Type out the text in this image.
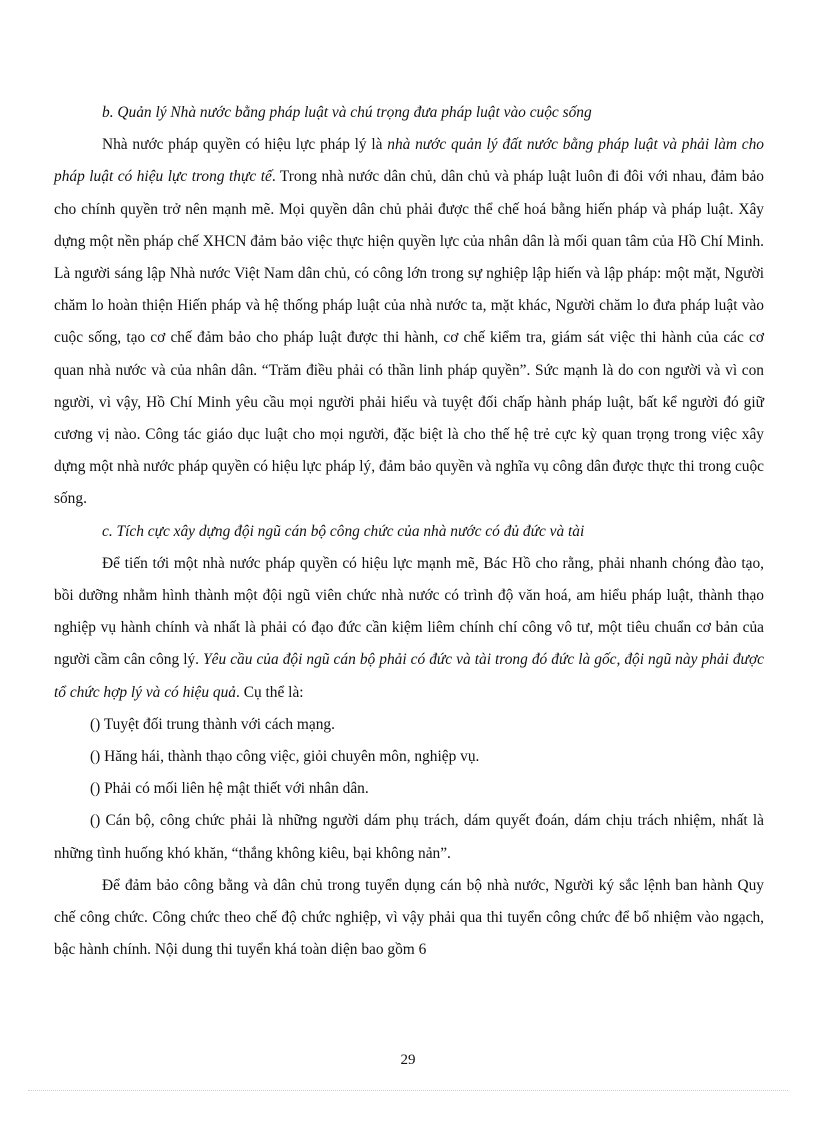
b. Quản lý Nhà nước bằng pháp luật và chú trọng đưa pháp luật vào cuộc sống

Nhà nước pháp quyền có hiệu lực pháp lý là nhà nước quản lý đất nước bằng pháp luật và phải làm cho pháp luật có hiệu lực trong thực tế. Trong nhà nước dân chủ, dân chủ và pháp luật luôn đi đôi với nhau, đảm bảo cho chính quyền trở nên mạnh mẽ. Mọi quyền dân chủ phải được thể chế hoá bằng hiến pháp và pháp luật. Xây dựng một nền pháp chế XHCN đảm bảo việc thực hiện quyền lực của nhân dân là mối quan tâm của Hồ Chí Minh. Là người sáng lập Nhà nước Việt Nam dân chủ, có công lớn trong sự nghiệp lập hiến và lập pháp: một mặt, Người chăm lo hoàn thiện Hiến pháp và hệ thống pháp luật của nhà nước ta, mặt khác, Người chăm lo đưa pháp luật vào cuộc sống, tạo cơ chế đảm bảo cho pháp luật được thi hành, cơ chế kiểm tra, giám sát việc thi hành của các cơ quan nhà nước và của nhân dân. “Trăm điều phải có thần linh pháp quyền”. Sức mạnh là do con người và vì con người, vì vậy, Hồ Chí Minh yêu cầu mọi người phải hiểu và tuyệt đối chấp hành pháp luật, bất kể người đó giữ cương vị nào. Công tác giáo dục luật cho mọi người, đặc biệt là cho thế hệ trẻ cực kỳ quan trọng trong việc xây dựng một nhà nước pháp quyền có hiệu lực pháp lý, đảm bảo quyền và nghĩa vụ công dân được thực thi trong cuộc sống.

c. Tích cực xây dựng đội ngũ cán bộ công chức của nhà nước có đủ đức và tài

Để tiến tới một nhà nước pháp quyền có hiệu lực mạnh mẽ, Bác Hồ cho rằng, phải nhanh chóng đào tạo, bồi dưỡng nhằm hình thành một đội ngũ viên chức nhà nước có trình độ văn hoá, am hiểu pháp luật, thành thạo nghiệp vụ hành chính và nhất là phải có đạo đức cần kiệm liêm chính chí công vô tư, một tiêu chuẩn cơ bản của người cầm cân công lý. Yêu cầu của đội ngũ cán bộ phải có đức và tài trong đó đức là gốc, đội ngũ này phải được tổ chức hợp lý và có hiệu quả. Cụ thể là:

() Tuyệt đối trung thành với cách mạng.

() Hăng hái, thành thạo công việc, giỏi chuyên môn, nghiệp vụ.

() Phải có mối liên hệ mật thiết với nhân dân.

() Cán bộ, công chức phải là những người dám phụ trách, dám quyết đoán, dám chịu trách nhiệm, nhất là những tình huống khó khăn, “thắng không kiêu, bại không nản”.

Để đảm bảo công bằng và dân chủ trong tuyển dụng cán bộ nhà nước, Người ký sắc lệnh ban hành Quy chế công chức. Công chức theo chế độ chức nghiệp, vì vậy phải qua thi tuyển công chức để bổ nhiệm vào ngạch, bậc hành chính. Nội dung thi tuyển khá toàn diện bao gồm 6

29
